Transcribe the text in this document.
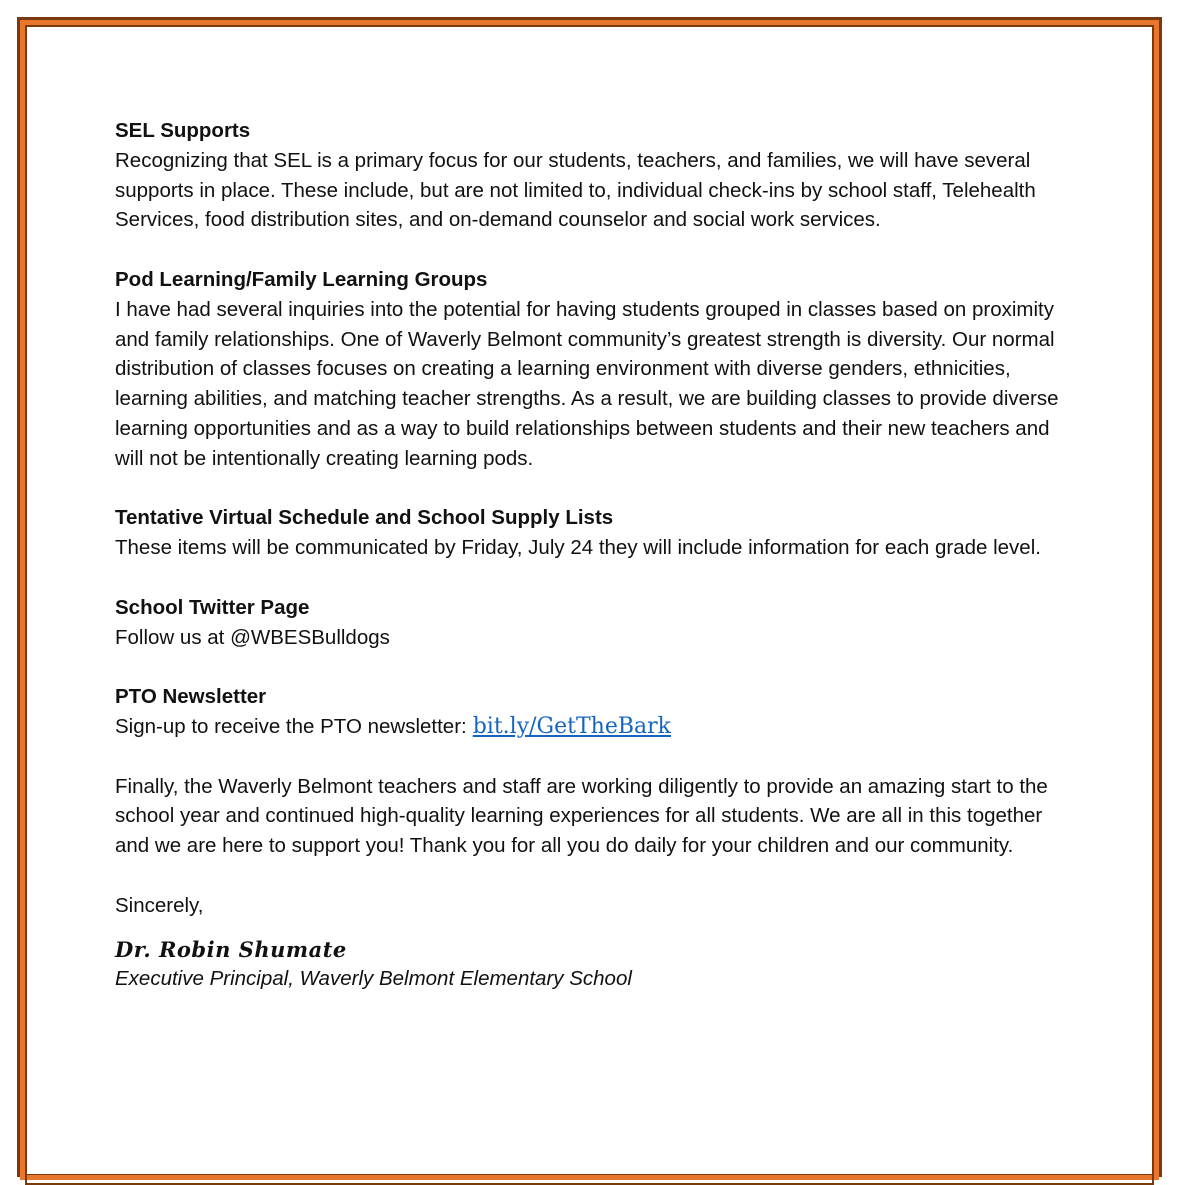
SEL Supports
Recognizing that SEL is a primary focus for our students, teachers, and families, we will have several supports in place. These include, but are not limited to, individual check-ins by school staff, Telehealth Services, food distribution sites, and on-demand counselor and social work services.
Pod Learning/Family Learning Groups
I have had several inquiries into the potential for having students grouped in classes based on proximity and family relationships. One of Waverly Belmont community’s greatest strength is diversity. Our normal distribution of classes focuses on creating a learning environment with diverse genders, ethnicities, learning abilities, and matching teacher strengths. As a result, we are building classes to provide diverse learning opportunities and as a way to build relationships between students and their new teachers and will not be intentionally creating learning pods.
Tentative Virtual Schedule and School Supply Lists
These items will be communicated by Friday, July 24 they will include information for each grade level.
School Twitter Page
Follow us at @WBESBulldogs
PTO Newsletter
Sign-up to receive the PTO newsletter: bit.ly/GetTheBark
Finally, the Waverly Belmont teachers and staff are working diligently to provide an amazing start to the school year and continued high-quality learning experiences for all students. We are all in this together and we are here to support you! Thank you for all you do daily for your children and our community.
Sincerely,
Dr. Robin Shumate
Executive Principal, Waverly Belmont Elementary School
